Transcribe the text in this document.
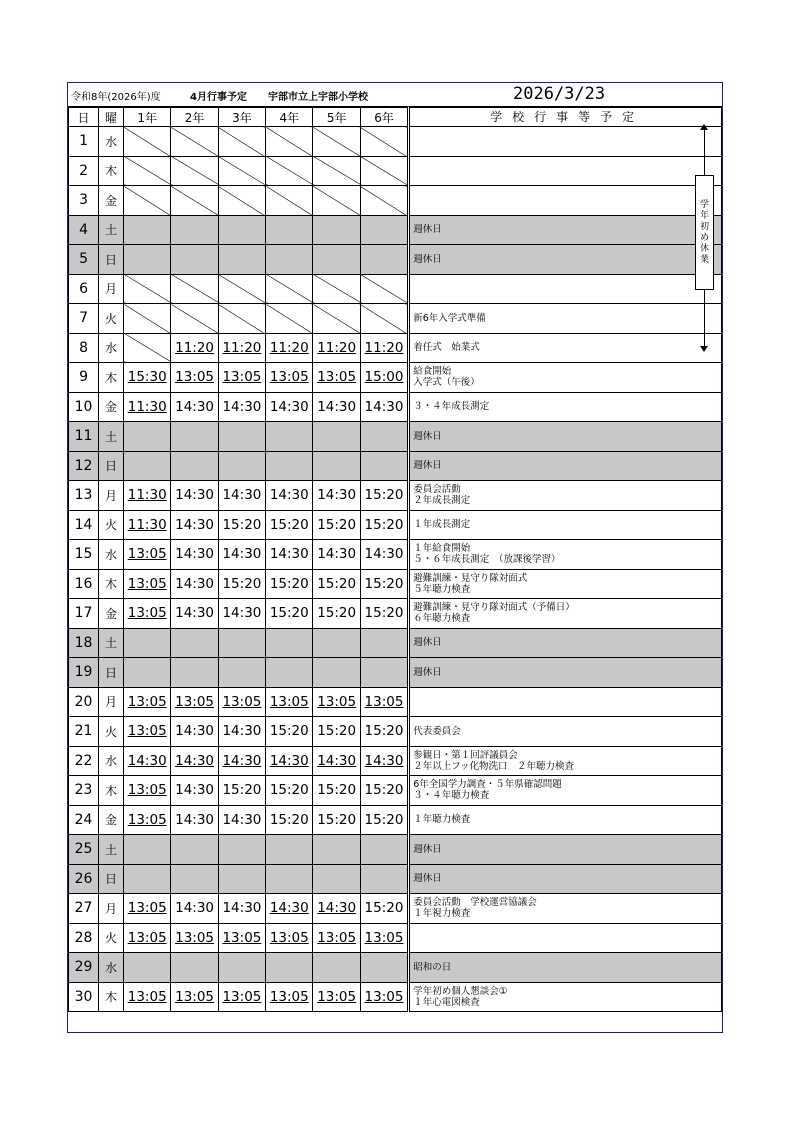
令和8年(2026年)度	4月行事予定 宇部市立上宇部小学校	2026/3/23
日	曜	1年	2年	3年	4年	5年	6年	学校行事等予定
1	水							
2	木							
3	金							
4	土							週休日

5	日							週休日

6	月							
7	火							新6年入学式準備

8	水		11:20	11:20	11:20	11:20	11:20	着任式　始業式

9	木	15:30	13:05	13:05	13:05	13:05	15:00	給食開始
入学式（午後）

10	金	11:30	14:30	14:30	14:30	14:30	14:30	３・４年成長測定

11	土							週休日

12	日							週休日

13	月	11:30	14:30	14:30	14:30	14:30	15:20	委員会活動
２年成長測定

14	火	11:30	14:30	15:20	15:20	15:20	15:20	１年成長測定

15	水	13:05	14:30	14:30	14:30	14:30	14:30	１年給食開始
５・６年成長測定　（放課後学習）

16	木	13:05	14:30	15:20	15:20	15:20	15:20	避難訓練・見守り隊対面式
５年聴力検査

17	金	13:05	14:30	14:30	15:20	15:20	15:20	避難訓練・見守り隊対面式（予備日）
６年聴力検査

18	土							週休日

19	日							週休日

20	月	13:05	13:05	13:05	13:05	13:05	13:05	
21	火	13:05	14:30	14:30	15:20	15:20	15:20	代表委員会

22	水	14:30	14:30	14:30	14:30	14:30	14:30	参観日・第１回評議員会
２年以上フッ化物洗口　２年聴力検査

23	木	13:05	14:30	15:20	15:20	15:20	15:20	6年全国学力調査・５年県確認問題
３・４年聴力検査

24	金	13:05	14:30	14:30	15:20	15:20	15:20	１年聴力検査

25	土							週休日

26	日							週休日

27	月	13:05	14:30	14:30	14:30	14:30	15:20	委員会活動　学校運営協議会
１年視力検査

28	火	13:05	13:05	13:05	13:05	13:05	13:05	
29	水							昭和の日

30	木	13:05	13:05	13:05	13:05	13:05	13:05	学年初め個人懇談会①
１年心電図検査
学
年
初
め
休
業
